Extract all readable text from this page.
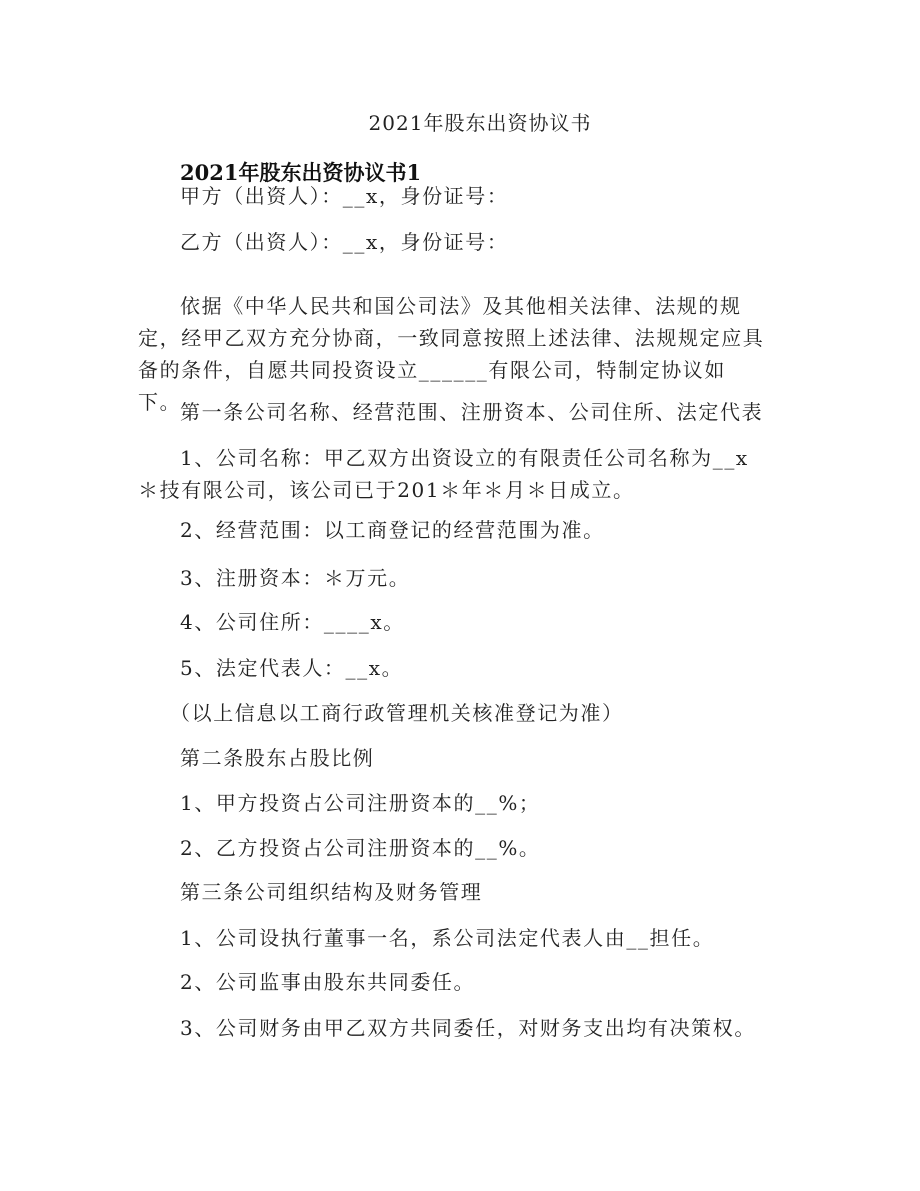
2021年股东出资协议书
2021年股东出资协议书1

甲方（出资人）：__x，身份证号：

乙方（出资人）：__x，身份证号：

依据《中华人民共和国公司法》及其他相关法律、法规的规定，经甲乙双方充分协商，一致同意按照上述法律、法规规定应具备的条件，自愿共同投资设立______有限公司，特制定协议如下。

第一条公司名称、经营范围、注册资本、公司住所、法定代表

1、公司名称：甲乙双方出资设立的有限责任公司名称为__x＊技有限公司，该公司已于201＊年＊月＊日成立。

2、经营范围：以工商登记的经营范围为准。

3、注册资本：＊万元。

4、公司住所：____x。

5、法定代表人：__x。

（以上信息以工商行政管理机关核准登记为准）

第二条股东占股比例

1、甲方投资占公司注册资本的__%；

2、乙方投资占公司注册资本的__%。

第三条公司组织结构及财务管理

1、公司设执行董事一名，系公司法定代表人由__担任。

2、公司监事由股东共同委任。

3、公司财务由甲乙双方共同委任，对财务支出均有决策权。
